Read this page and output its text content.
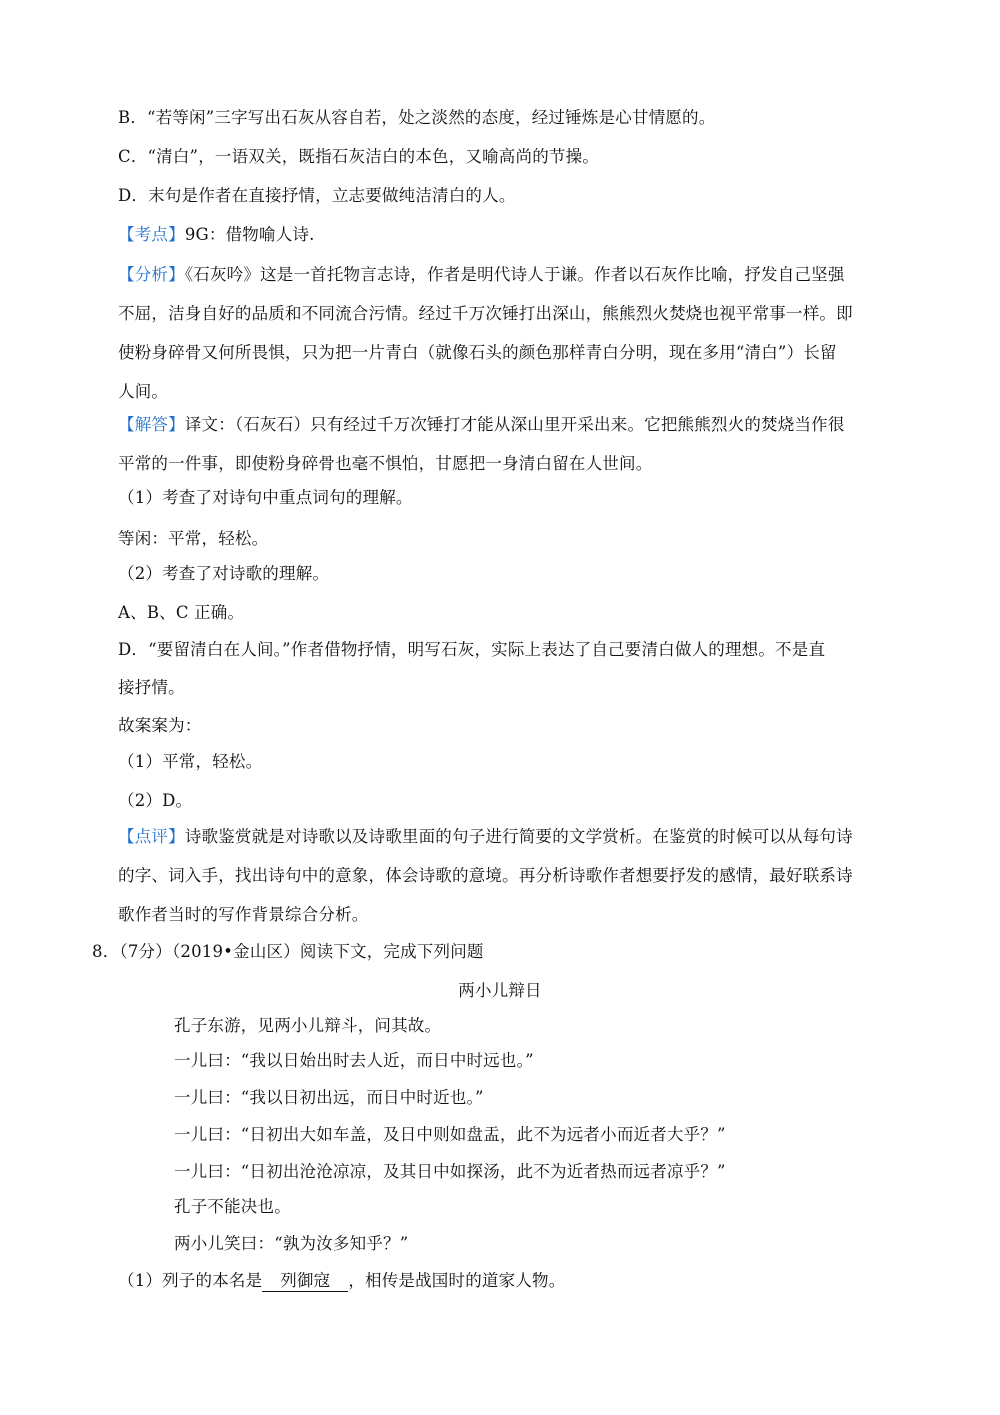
B．“若等闲”三字写出石灰从容自若，处之淡然的态度，经过锤炼是心甘情愿的。
C．“清白”，一语双关，既指石灰洁白的本色，又喻高尚的节操。
D．末句是作者在直接抒情，立志要做纯洁清白的人。
【考点】9G：借物喻人诗.
【分析】《石灰吟》这是一首托物言志诗，作者是明代诗人于谦。作者以石灰作比喻，抒发自己坚强
不屈，洁身自好的品质和不同流合污情。经过千万次锤打出深山，熊熊烈火焚烧也视平常事一样。即
使粉身碎骨又何所畏惧，只为把一片青白（就像石头的颜色那样青白分明，现在多用“清白”）长留
人间。
【解答】译文：（石灰石）只有经过千万次锤打才能从深山里开采出来。它把熊熊烈火的焚烧当作很
平常的一件事，即使粉身碎骨也毫不惧怕，甘愿把一身清白留在人世间。
（1）考查了对诗句中重点词句的理解。
等闲：平常，轻松。
（2）考查了对诗歌的理解。
A、B、C 正确。
D．“要留清白在人间。”作者借物抒情，明写石灰，实际上表达了自己要清白做人的理想。不是直
接抒情。
故案案为：
（1）平常，轻松。
（2）D。
【点评】诗歌鉴赏就是对诗歌以及诗歌里面的句子进行简要的文学赏析。在鉴赏的时候可以从每句诗
的字、词入手，找出诗句中的意象，体会诗歌的意境。再分析诗歌作者想要抒发的感情，最好联系诗
歌作者当时的写作背景综合分析。
8．（7分）（2019•金山区）阅读下文，完成下列问题
两小儿辩日
孔子东游，见两小儿辩斗，问其故。
一儿曰：“我以日始出时去人近，而日中时远也。”
一儿曰：“我以日初出远，而日中时近也。”
一儿曰：“日初出大如车盖，及日中则如盘盂，此不为远者小而近者大乎？”
一儿曰：“日初出沧沧凉凉，及其日中如探汤，此不为近者热而远者凉乎？”
孔子不能决也。
两小儿笑曰：“孰为汝多知乎？”
（1）列子的本名是 列御寇 ，相传是战国时的道家人物。
